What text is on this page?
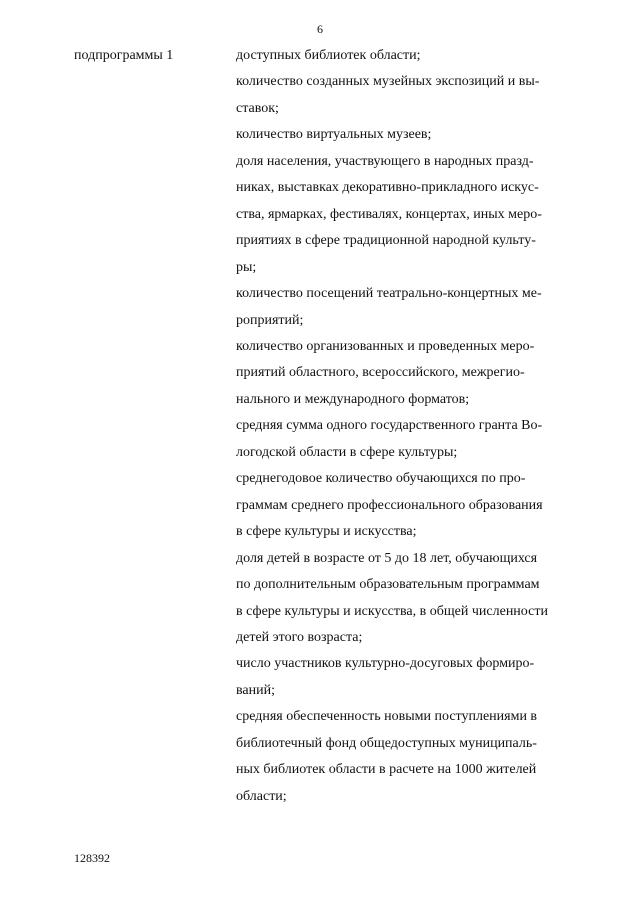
6
подпрограммы 1	доступных библиотек области;
количество созданных музейных экспозиций и вы-
ставок;
количество виртуальных музеев;
доля населения, участвующего в народных празд-
никах, выставках декоративно-прикладного искус-
ства, ярмарках, фестивалях, концертах, иных меро-
приятиях в сфере традиционной народной культу-
ры;
количество посещений театрально-концертных ме-
роприятий;
количество организованных и проведенных меро-
приятий областного, всероссийского, межрегио-
нального и международного форматов;
средняя сумма одного государственного гранта Во-
логодской области в сфере культуры;
среднегодовое количество обучающихся по про-
граммам среднего профессионального образования
в сфере культуры и искусства;
доля детей в возрасте от 5 до 18 лет, обучающихся
по дополнительным образовательным программам
в сфере культуры и искусства, в общей численности
детей этого возраста;
число участников культурно-досуговых формиро-
ваний;
средняя обеспеченность новыми поступлениями в
библиотечный фонд общедоступных муниципаль-
ных библиотек области в расчете на 1000 жителей
области;
128392
